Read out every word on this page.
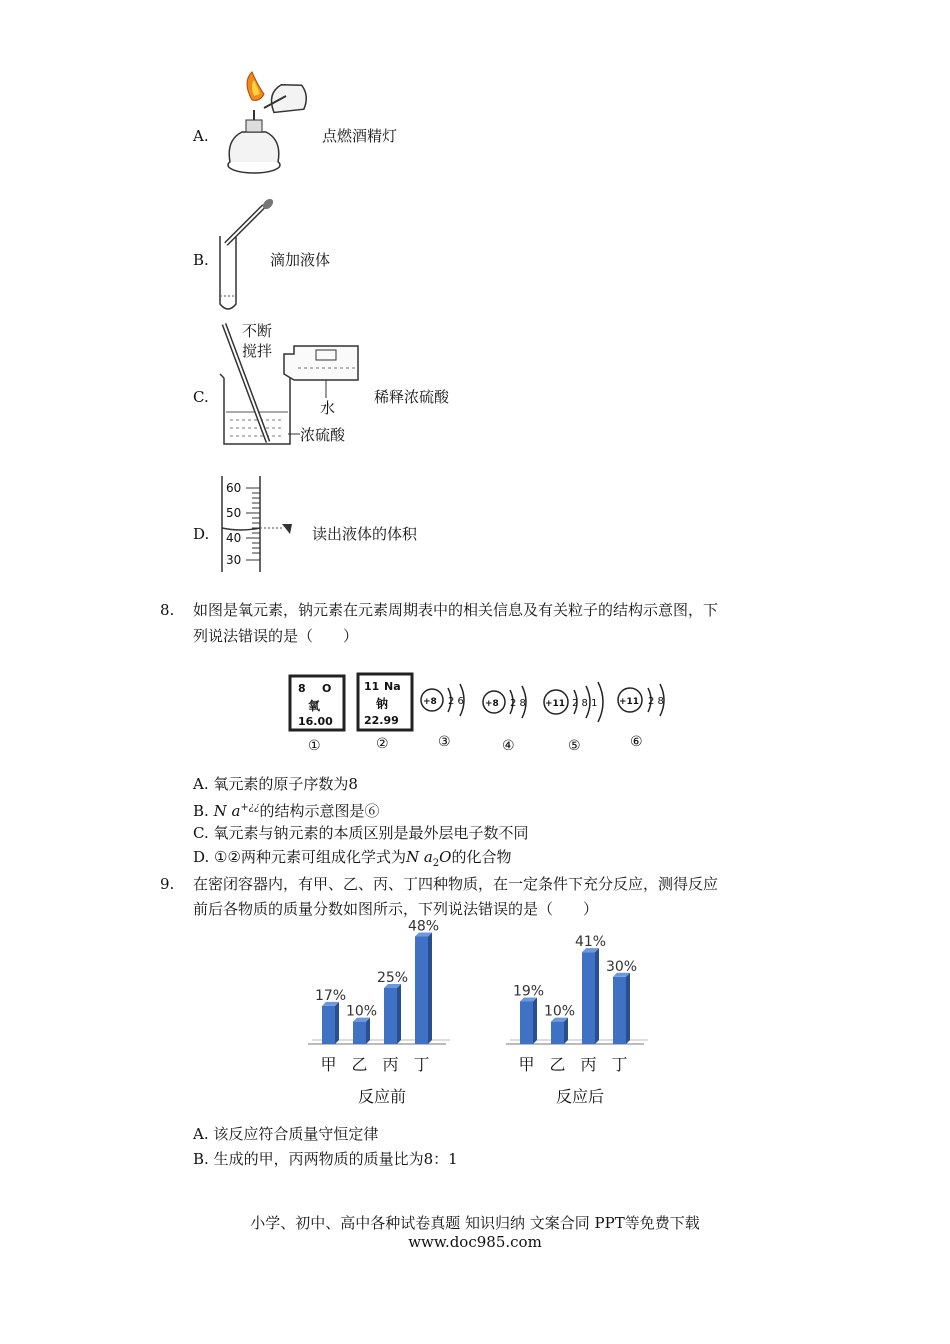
A.	点燃酒精灯
B.	滴加液体
C.
不断
搅拌
水
浓硫酸
稀释浓硫酸
D.
60
50
40
30
读出液体的体积
8. 如图是氧元素，钠元素在元素周期表中的相关信息及有关粒子的结构示意图，下
列说法错误的是（　　）
8 O
氧
16.00
11 Na
钠
22.99
+8 2 6 +8 2 8 +11 2 8 1 +11 2 8
①	②	③	④	⑤	⑥
A. 氧元素的原子序数为8
B. N a+¿¿的结构示意图是⑥
C. 氧元素与钠元素的本质区别是最外层电子数不同
D. ①②两种元素可组成化学式为N $a_2O$的化合物
9. 在密闭容器内，有甲、乙、丙、丁四种物质，在一定条件下充分反应，测得反应
前后各物质的质量分数如图所示，下列说法错误的是（　　）
17%
甲
10%
乙
25%
丙
48%
丁
反应前
19%
甲
10%
乙
41%
丙
30%
丁
反应后
A. 该反应符合质量守恒定律
B. 生成的甲，丙两物质的质量比为8：1
小学、初中、高中各种试卷真题 知识归纳 文案合同 PPT等免费下载
www.doc985.com
